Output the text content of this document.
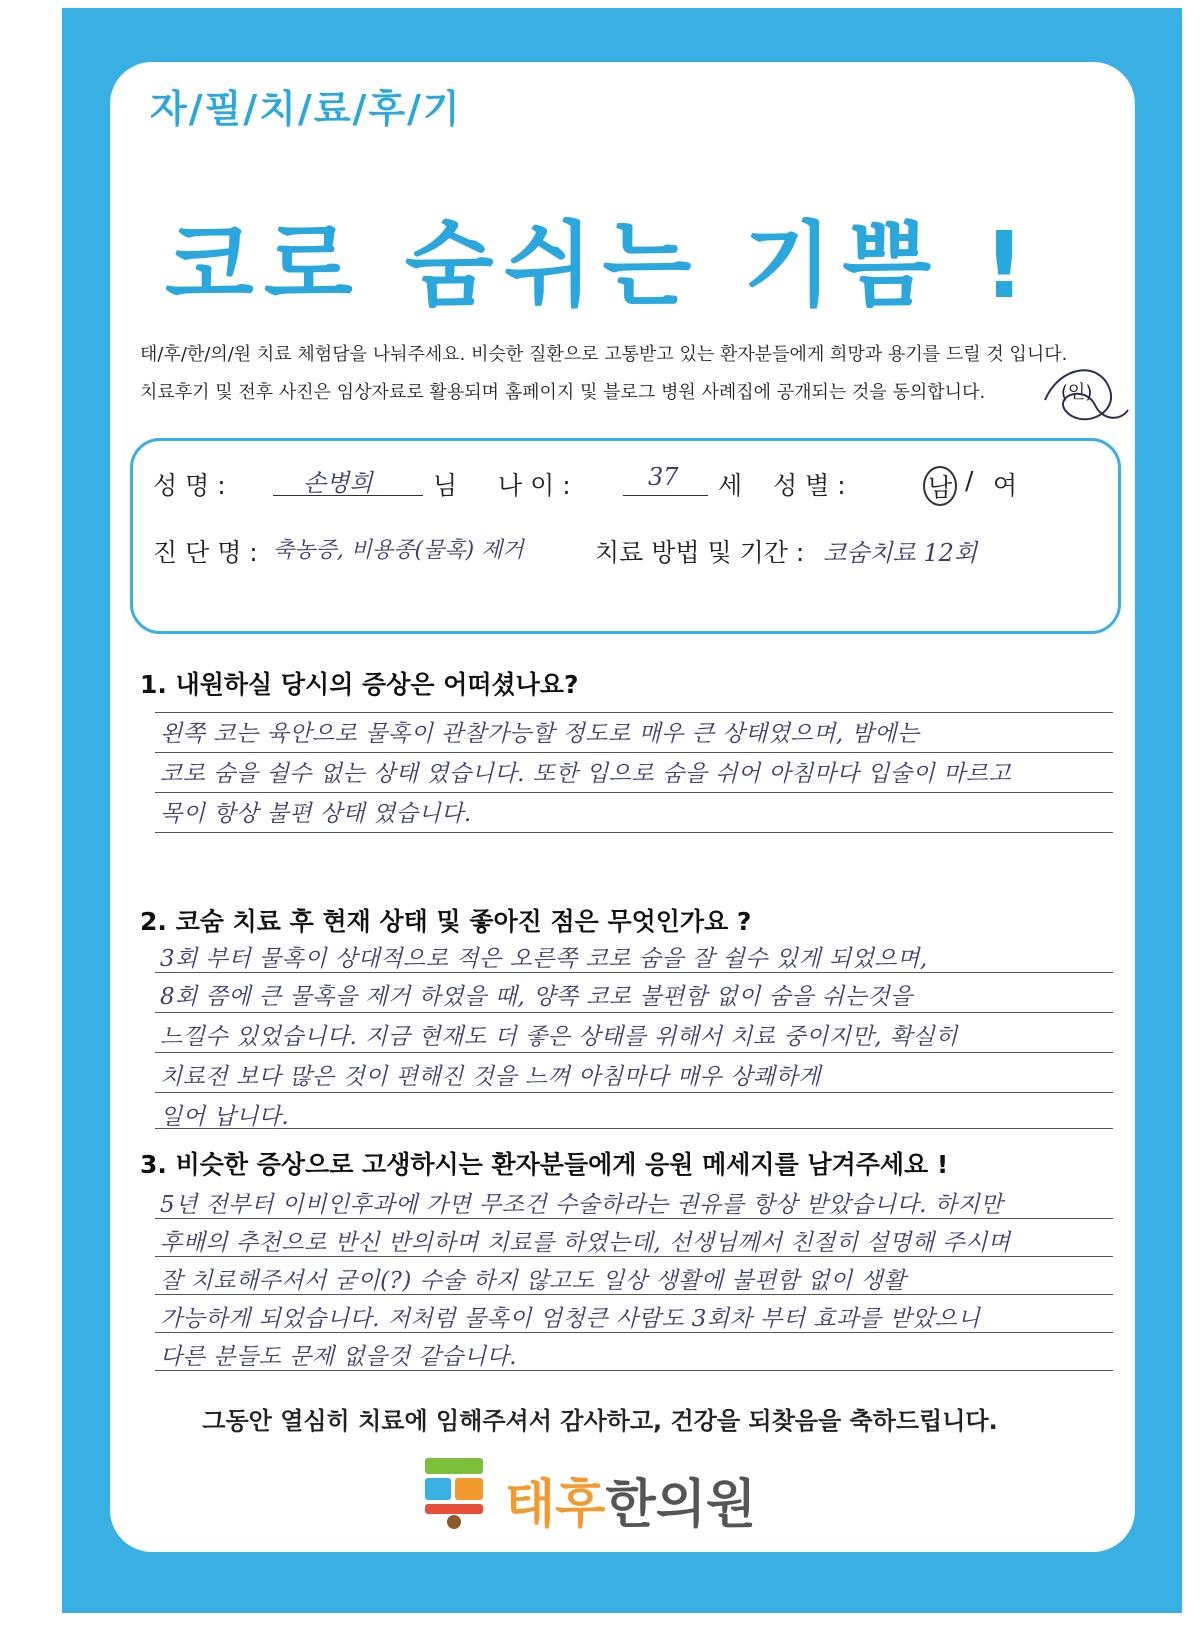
자/필/치/료/후/기
코로 숨쉬는 기쁨 !
태/후/한/의/원 치료 체험담을 나눠주세요. 비슷한 질환으로 고통받고 있는 환자분들에게 희망과 용기를 드릴 것 입니다.
치료후기 및 전후 사진은 임상자료로 활용되며 홈페이지 및 블로그 병원 사례집에 공개되는 것을 동의합니다.	(인)
성 명 :	손병희 님 나 이 :	37 세 성 별 :	남 / 여
진 단 명 : 축농증, 비용종(물혹) 제거	치료 방법 및 기간 : 코숨치료 12회
1. 내원하실 당시의 증상은 어떠셨나요?
왼쪽 코는 육안으로 물혹이 관찰가능할 정도로 매우 큰 상태였으며, 밤에는
코로 숨을 쉴수 없는 상태 였습니다. 또한 입으로 숨을 쉬어 아침마다 입술이 마르고
목이 항상 불편 상태 였습니다.
2. 코숨 치료 후 현재 상태 및 좋아진 점은 무엇인가요 ?
3회 부터 물혹이 상대적으로 적은 오른쪽 코로 숨을 잘 쉴수 있게 되었으며,
8회 쯤에 큰 물혹을 제거 하였을 때, 양쪽 코로 불편함 없이 숨을 쉬는것을
느낄수 있었습니다. 지금 현재도 더 좋은 상태를 위해서 치료 중이지만, 확실히
치료전 보다 많은 것이 편해진 것을 느껴 아침마다 매우 상쾌하게
일어 납니다.
3. 비슷한 증상으로 고생하시는 환자분들에게 응원 메세지를 남겨주세요 !
5년 전부터 이비인후과에 가면 무조건 수술하라는 권유를 항상 받았습니다. 하지만
후배의 추천으로 반신 반의하며 치료를 하였는데, 선생님께서 친절히 설명해 주시며
잘 치료해주셔서 굳이(?) 수술 하지 않고도 일상 생활에 불편함 없이 생활
가능하게 되었습니다. 저처럼 물혹이 엄청큰 사람도 3회차 부터 효과를 받았으니
다른 분들도 문제 없을것 같습니다.
그동안 열심히 치료에 임해주셔서 감사하고, 건강을 되찾음을 축하드립니다.
태후한의원
